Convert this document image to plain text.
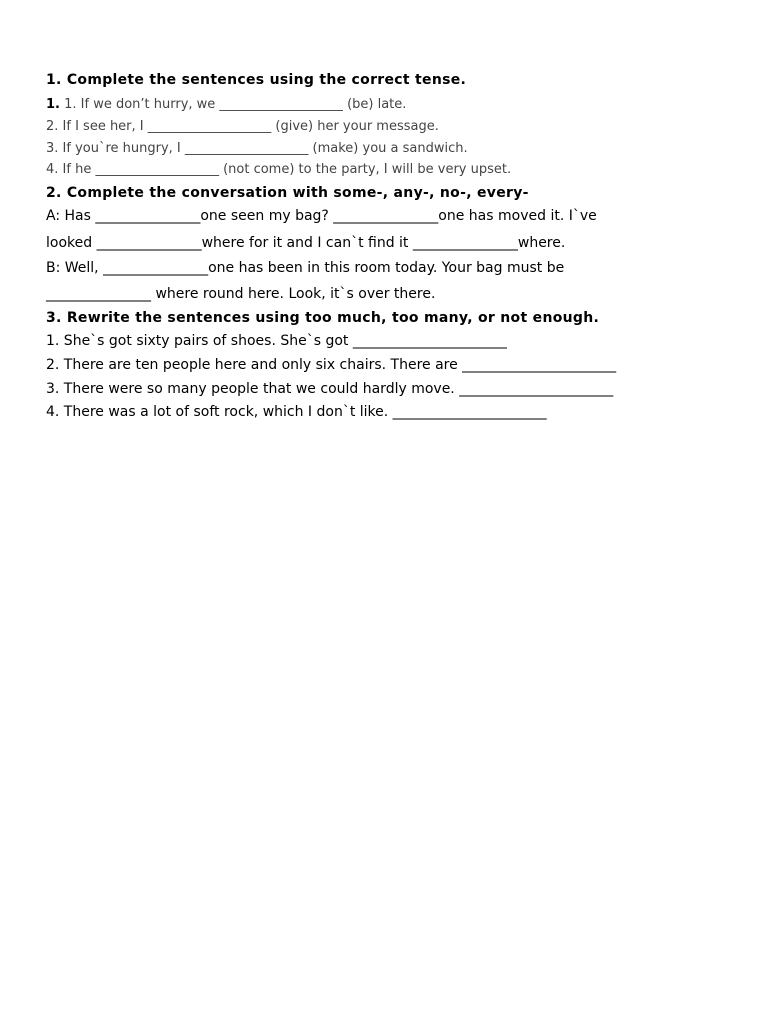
1. Complete the sentences using the correct tense.
1. 1. If we don’t hurry, we ___________________ (be) late.
2. If I see her, I ___________________ (give) her your message.
3. If you`re hungry, I ___________________ (make) you a sandwich.
4. If he ___________________ (not come) to the party, I will be very upset.
2. Complete the conversation with some-, any-, no-, every-
A: Has _______________one seen my bag? _______________one has moved it. I`ve
looked _______________where for it and I can`t find it _______________where.
B: Well, _______________one has been in this room today. Your bag must be
_______________ where round here. Look, it`s over there.
3. Rewrite the sentences using too much, too many, or not enough.
1. She`s got sixty pairs of shoes. She`s got ______________________
2. There are ten people here and only six chairs. There are ______________________
3. There were so many people that we could hardly move. ______________________
4. There was a lot of soft rock, which I don`t like. ______________________
